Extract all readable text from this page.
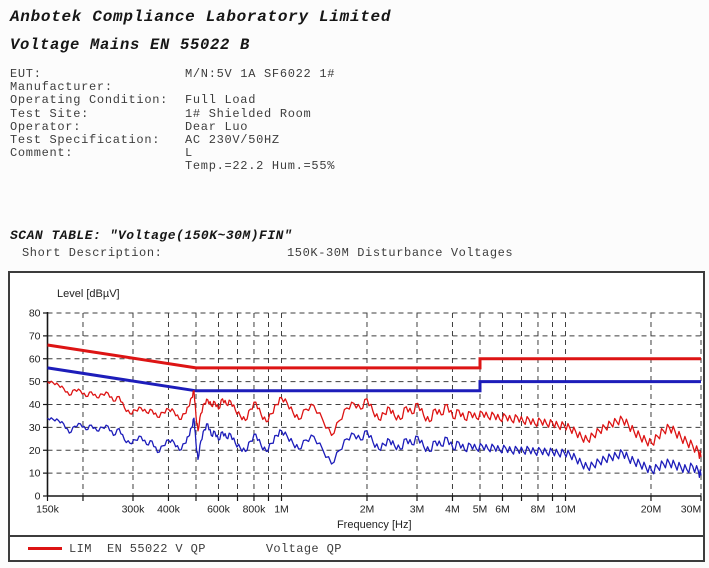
Anbotek Compliance Laboratory Limited
Voltage Mains EN 55022 B
EUT:	M/N:5V 1A SF6022 1#
Manufacturer:
Operating Condition:	Full Load
Test Site:	1# Shielded Room
Operator:	Dear Luo
Test Specification:	AC 230V/50HZ
Comment:	L
Temp.=22.2 Hum.=55%
SCAN TABLE: "Voltage(150K~30M)FIN"
Short Description:	150K-30M Disturbance Voltages
0
10
20
30
40
50
60
70
80
150k	300k 400k	600k 800k 1M	2M	3M 4M 5M 6M 8M 10M	20M 30M
Level [dBµV]
Frequency [Hz]
LIM  EN 55022 V QP	Voltage QP
